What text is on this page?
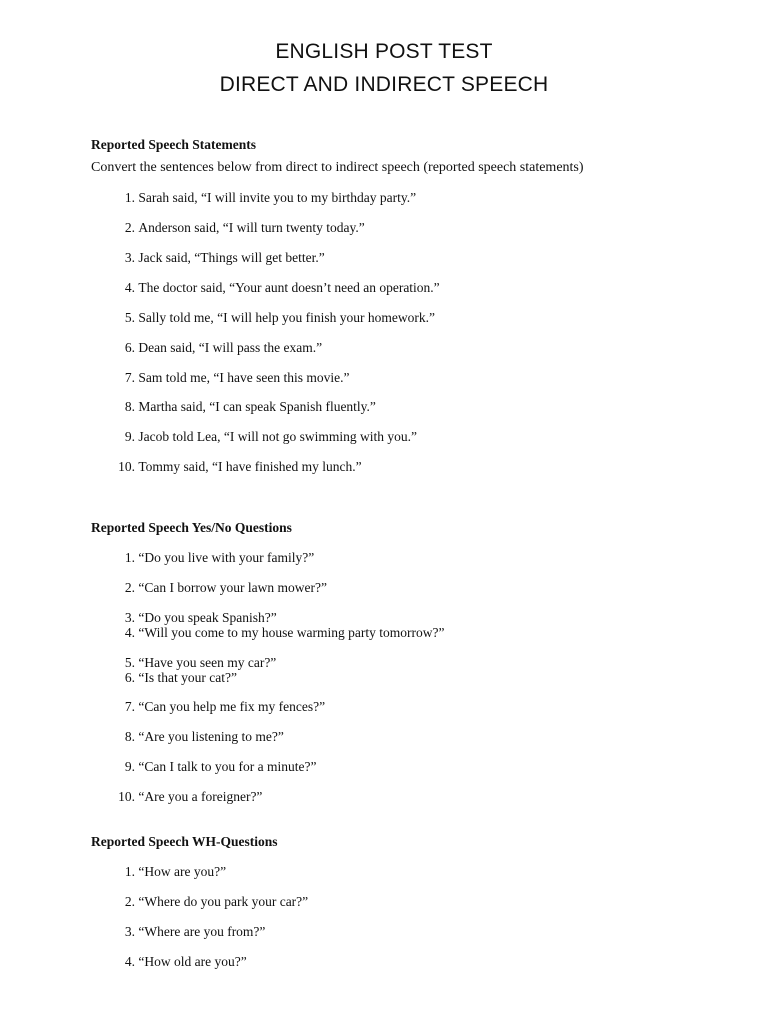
ENGLISH POST TEST
DIRECT AND INDIRECT SPEECH
Reported Speech Statements
Convert the sentences below from direct to indirect speech (reported speech statements)
1. Sarah said, “I will invite you to my birthday party.”
2. Anderson said, “I will turn twenty today.”
3. Jack said, “Things will get better.”
4. The doctor said, “Your aunt doesn’t need an operation.”
5. Sally told me, “I will help you finish your homework.”
6. Dean said, “I will pass the exam.”
7. Sam told me, “I have seen this movie.”
8. Martha said, “I can speak Spanish fluently.”
9. Jacob told Lea, “I will not go swimming with you.”
10. Tommy said, “I have finished my lunch.”
Reported Speech Yes/No Questions
1. “Do you live with your family?”
2. “Can I borrow your lawn mower?”
3. “Do you speak Spanish?”
4. “Will you come to my house warming party tomorrow?”
5. “Have you seen my car?”
6. “Is that your cat?”
7. “Can you help me fix my fences?”
8. “Are you listening to me?”
9. “Can I talk to you for a minute?”
10. “Are you a foreigner?”
Reported Speech WH-Questions
1. “How are you?”
2. “Where do you park your car?”
3. “Where are you from?”
4. “How old are you?”
